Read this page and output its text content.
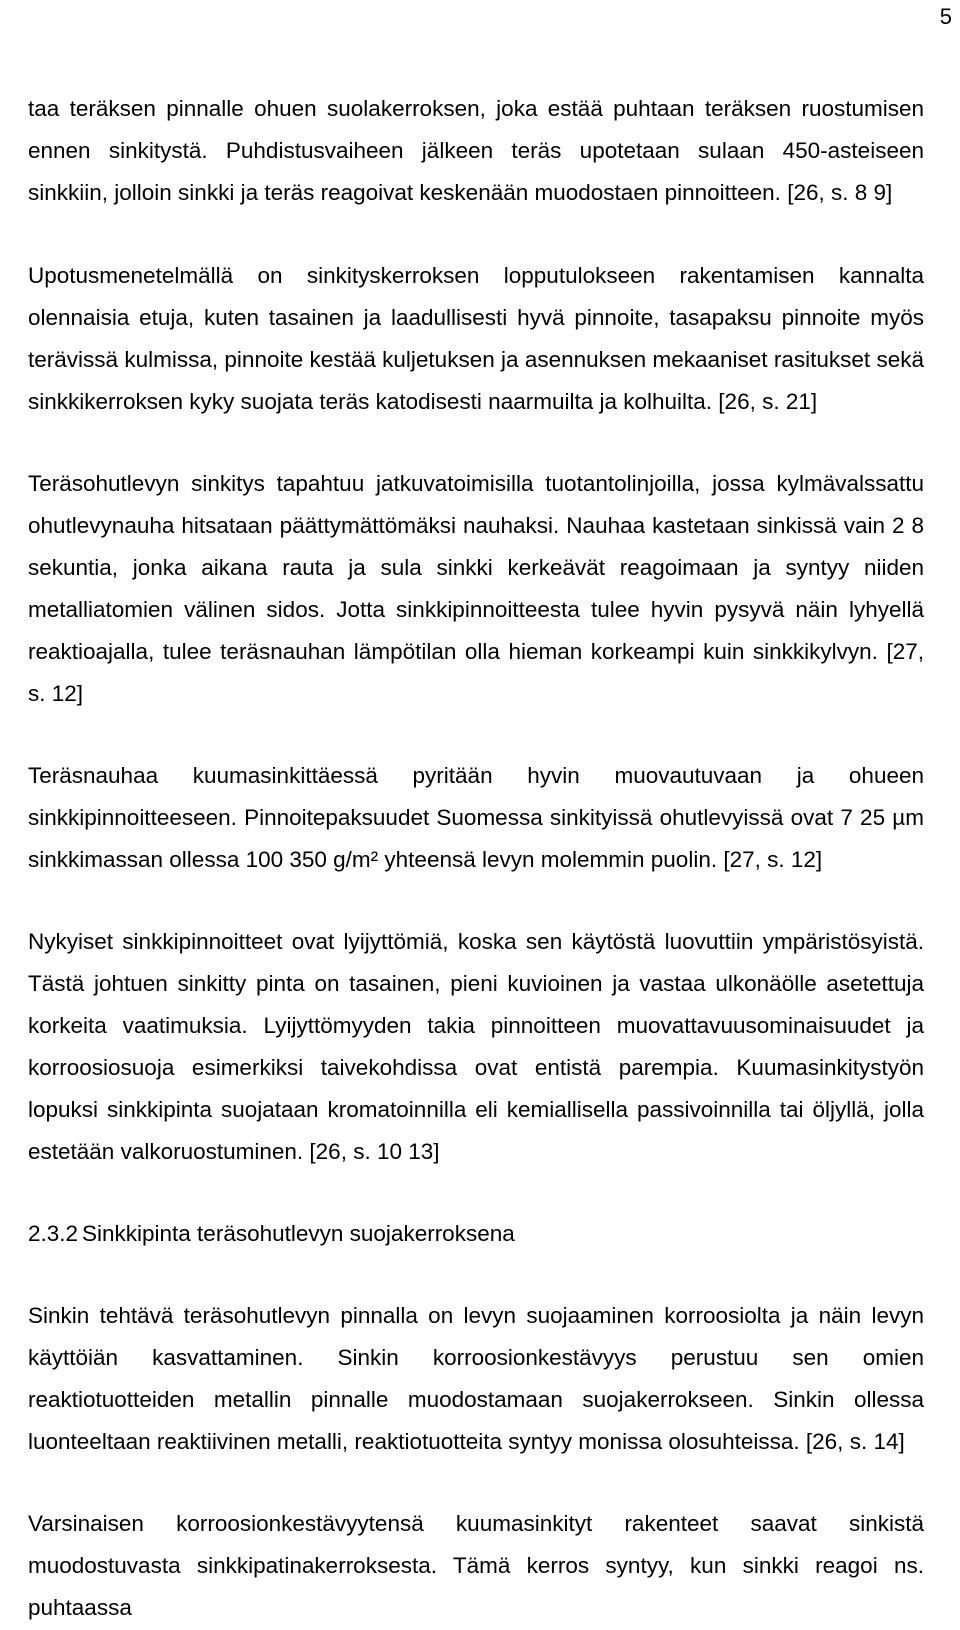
5

taa teräksen pinnalle ohuen suolakerroksen, joka estää puhtaan teräksen ruostumisen ennen sinkitystä. Puhdistusvaiheen jälkeen teräs upotetaan sulaan 450-asteiseen sinkkiin, jolloin sinkki ja teräs reagoivat keskenään muodostaen pinnoitteen. [26, s. 8 9]

Upotusmenetelmällä on sinkityskerroksen lopputulokseen rakentamisen kannalta olennaisia etuja, kuten tasainen ja laadullisesti hyvä pinnoite, tasapaksu pinnoite myös terävissä kulmissa, pinnoite kestää kuljetuksen ja asennuksen mekaaniset rasitukset sekä sinkkikerroksen kyky suojata teräs katodisesti naarmuilta ja kolhuilta. [26, s. 21]

Teräsohutlevyn sinkitys tapahtuu jatkuvatoimisilla tuotantolinjoilla, jossa kylmävalssattu ohutlevynauha hitsataan päättymättömäksi nauhaksi. Nauhaa kastetaan sinkissä vain 2 8 sekuntia, jonka aikana rauta ja sula sinkki kerkeävät reagoimaan ja syntyy niiden metalliatomien välinen sidos. Jotta sinkkipinnoitteesta tulee hyvin pysyvä näin lyhyellä reaktioajalla, tulee teräsnauhan lämpötilan olla hieman korkeampi kuin sinkkikylvyn. [27, s. 12]

Teräsnauhaa kuumasinkittäessä pyritään hyvin muovautuvaan ja ohueen sinkkipinnoitteeseen. Pinnoitepaksuudet Suomessa sinkityissä ohutlevyissä ovat 7 25 µm sinkkimassan ollessa 100 350 g/m² yhteensä levyn molemmin puolin. [27, s. 12]

Nykyiset sinkkipinnoitteet ovat lyijyttömiä, koska sen käytöstä luovuttiin ympäristösyistä. Tästä johtuen sinkitty pinta on tasainen, pieni kuvioinen ja vastaa ulkonäölle asetettuja korkeita vaatimuksia. Lyijyttömyyden takia pinnoitteen muovattavuusominaisuudet ja korroosiosuoja esimerkiksi taivekohdissa ovat entistä parempia. Kuumasinkitystyön lopuksi sinkkipinta suojataan kromatoinnilla eli kemiallisella passivoinnilla tai öljyllä, jolla estetään valkoruostuminen. [26, s. 10 13]

2.3.2 Sinkkipinta teräsohutlevyn suojakerroksena

Sinkin tehtävä teräsohutlevyn pinnalla on levyn suojaaminen korroosiolta ja näin levyn käyttöiän kasvattaminen. Sinkin korroosionkestävyys perustuu sen omien reaktiotuotteiden metallin pinnalle muodostamaan suojakerrokseen. Sinkin ollessa luonteeltaan reaktiivinen metalli, reaktiotuotteita syntyy monissa olosuhteissa. [26, s. 14]

Varsinaisen korroosionkestävyytensä kuumasinkityt rakenteet saavat sinkistä muodostuvasta sinkkipatinakerroksesta. Tämä kerros syntyy, kun sinkki reagoi ns. puhtaassa
